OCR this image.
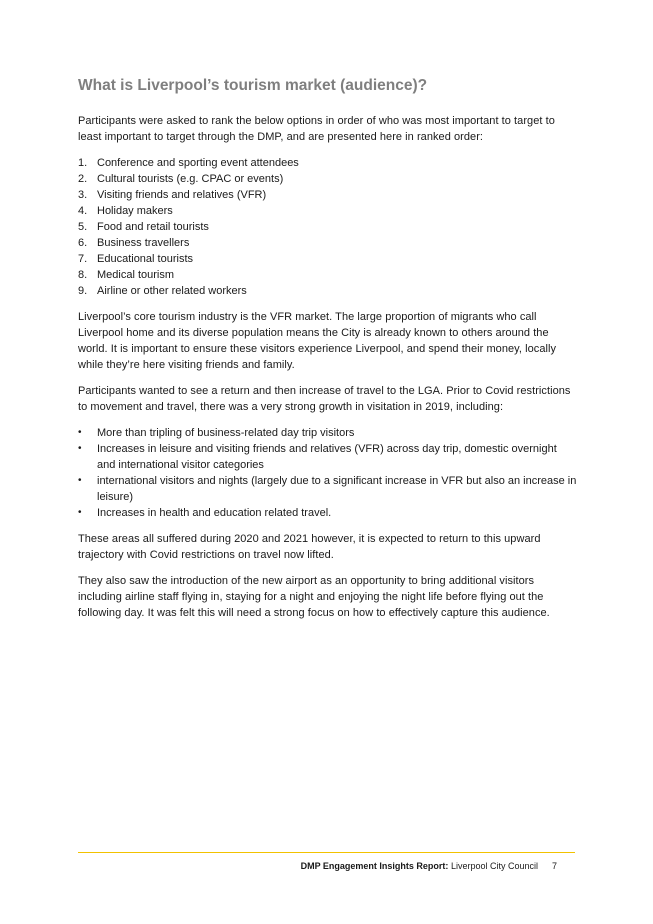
What is Liverpool’s tourism market (audience)?

Participants were asked to rank the below options in order of who was most important to target to least important to target through the DMP, and are presented here in ranked order:

1. Conference and sporting event attendees
2. Cultural tourists (e.g. CPAC or events)
3. Visiting friends and relatives (VFR)
4. Holiday makers
5. Food and retail tourists
6. Business travellers
7. Educational tourists
8. Medical tourism
9. Airline or other related workers

Liverpool’s core tourism industry is the VFR market. The large proportion of migrants who call Liverpool home and its diverse population means the City is already known to others around the world. It is important to ensure these visitors experience Liverpool, and spend their money, locally while they’re here visiting friends and family.

Participants wanted to see a return and then increase of travel to the LGA. Prior to Covid restrictions to movement and travel, there was a very strong growth in visitation in 2019, including:

•	More than tripling of business-related day trip visitors
•	Increases in leisure and visiting friends and relatives (VFR) across day trip, domestic overnight and international visitor categories
•	international visitors and nights (largely due to a significant increase in VFR but also an increase in leisure)
•	Increases in health and education related travel.

These areas all suffered during 2020 and 2021 however, it is expected to return to this upward trajectory with Covid restrictions on travel now lifted.

They also saw the introduction of the new airport as an opportunity to bring additional visitors including airline staff flying in, staying for a night and enjoying the night life before flying out the following day. It was felt this will need a strong focus on how to effectively capture this audience.

DMP Engagement Insights Report: Liverpool City Council 7
